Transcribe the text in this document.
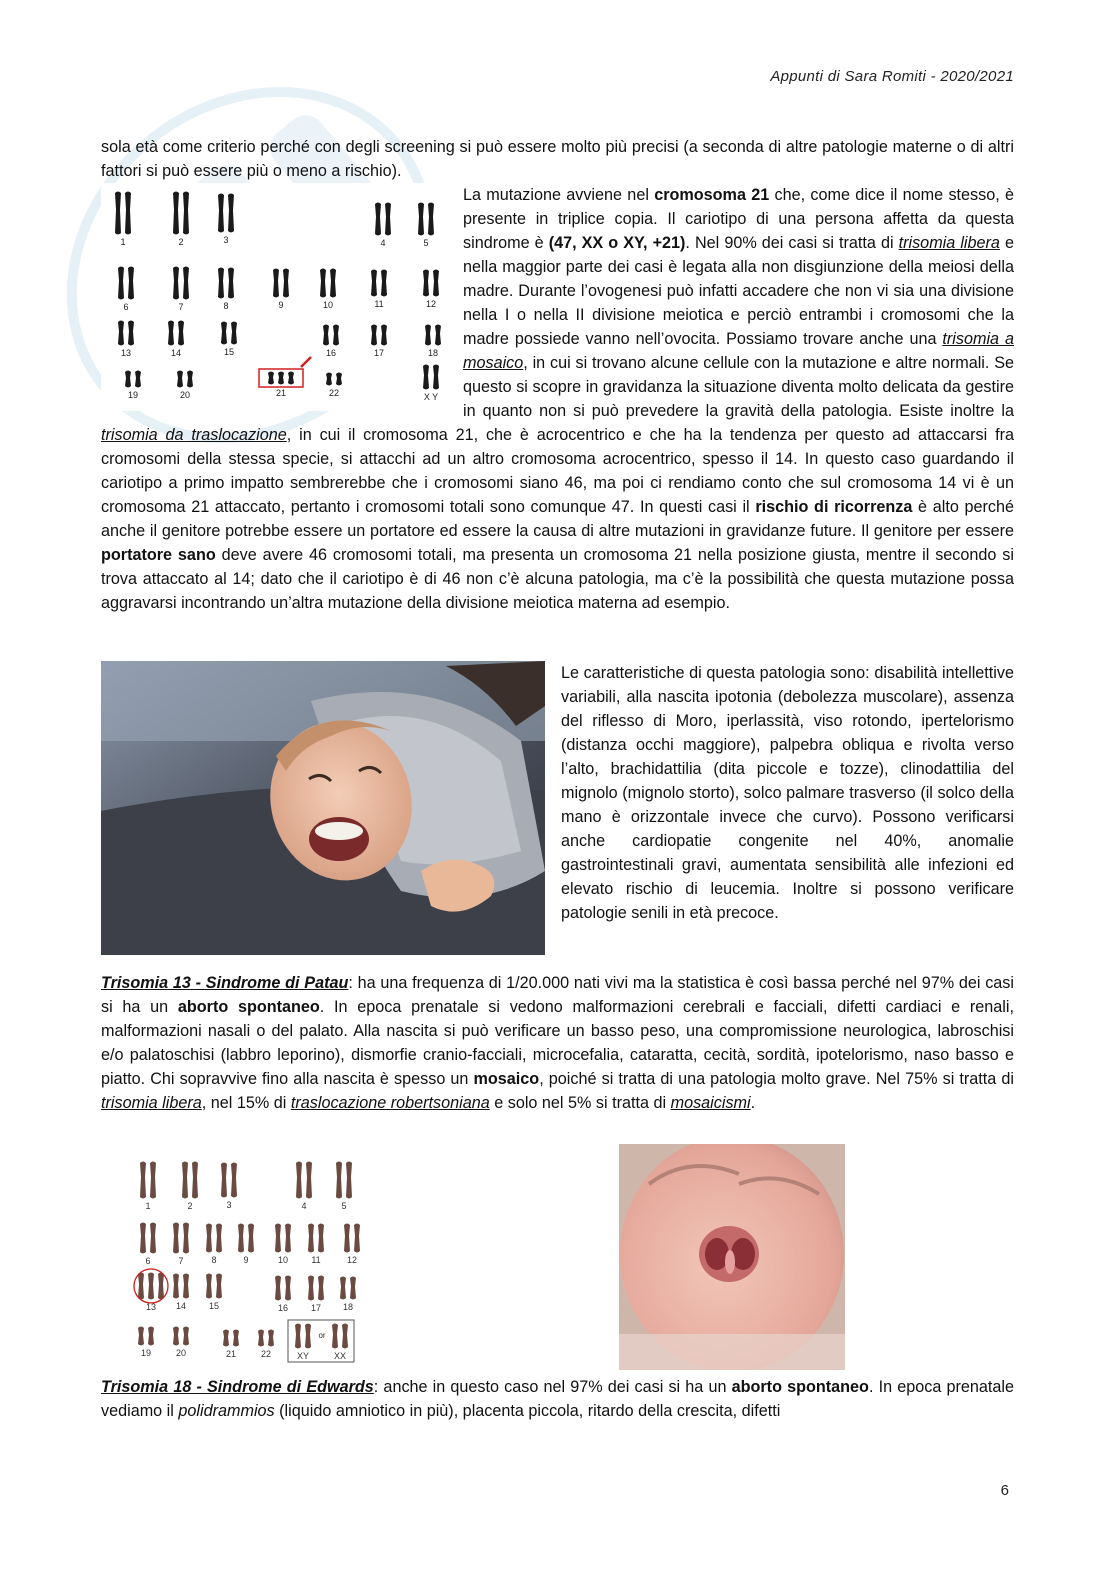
Appunti di Sara Romiti - 2020/2021

sola età come criterio perché con degli screening si può essere molto più precisi (a seconda di altre patologie materne o di altri fattori si può essere più o meno a rischio).

1	2	3	4	5
6	7	8	9	10	11	12
13	14	15	16	17	18
19	20	21	22	X Y

La mutazione avviene nel cromosoma 21 che, come dice il nome stesso, è presente in triplice copia. Il cariotipo di una persona affetta da questa sindrome è (47, XX o XY, +21). Nel 90% dei casi si tratta di trisomia libera e nella maggior parte dei casi è legata alla non disgiunzione della meiosi della madre. Durante l’ovogenesi può infatti accadere che non vi sia una divisione nella I o nella II divisione meiotica e perciò entrambi i cromosomi che la madre possiede vanno nell’ovocita. Possiamo trovare anche una trisomia a mosaico, in cui si trovano alcune cellule con la mutazione e altre normali. Se questo si scopre in gravidanza la situazione diventa molto delicata da gestire in quanto non si può prevedere la gravità della patologia. Esiste inoltre la trisomia da traslocazione, in cui il cromosoma 21, che è acrocentrico e che ha la tendenza per questo ad attaccarsi fra cromosomi della stessa specie, si attacchi ad un altro cromosoma acrocentrico, spesso il 14. In questo caso guardando il cariotipo a primo impatto sembrerebbe che i cromosomi siano 46, ma poi ci rendiamo conto che sul cromosoma 14 vi è un cromosoma 21 attaccato, pertanto i cromosomi totali sono comunque 47. In questi casi il rischio di ricorrenza è alto perché anche il genitore potrebbe essere un portatore ed essere la causa di altre mutazioni in gravidanze future. Il genitore per essere portatore sano deve avere 46 cromosomi totali, ma presenta un cromosoma 21 nella posizione giusta, mentre il secondo si trova attaccato al 14; dato che il cariotipo è di 46 non c’è alcuna patologia, ma c’è la possibilità che questa mutazione possa aggravarsi incontrando un’altra mutazione della divisione meiotica materna ad esempio.

Le caratteristiche di questa patologia sono: disabilità intellettive variabili, alla nascita ipotonia (debolezza muscolare), assenza del riflesso di Moro, iperlassità, viso rotondo, ipertelorismo (distanza occhi maggiore), palpebra obliqua e rivolta verso l’alto, brachidattilia (dita piccole e tozze), clinodattilia del mignolo (mignolo storto), solco palmare trasverso (il solco della mano è orizzontale invece che curvo). Possono verificarsi anche cardiopatie congenite nel 40%, anomalie gastrointestinali gravi, aumentata sensibilità alle infezioni ed elevato rischio di leucemia. Inoltre si possono verificare patologie senili in età precoce.

Trisomia 13 - Sindrome di Patau: ha una frequenza di 1/20.000 nati vivi ma la statistica è così bassa perché nel 97% dei casi si ha un aborto spontaneo. In epoca prenatale si vedono malformazioni cerebrali e facciali, difetti cardiaci e renali, malformazioni nasali o del palato. Alla nascita si può verificare un basso peso, una compromissione neurologica, labroschisi e/o palatoschisi (labbro leporino), dismorfie cranio-facciali, microcefalia, cataratta, cecità, sordità, ipotelorismo, naso basso e piatto. Chi sopravvive fino alla nascita è spesso un mosaico, poiché si tratta di una patologia molto grave. Nel 75% si tratta di trisomia libera, nel 15% di traslocazione robertsoniana e solo nel 5% si tratta di mosaicismi.

1	2	3	4	5
6	7	8	9	10	11	12
13 14	15	16	17 18
19	20	21	22	XY	XX
or

Trisomia 18 - Sindrome di Edwards: anche in questo caso nel 97% dei casi si ha un aborto spontaneo. In epoca prenatale vediamo il polidrammios (liquido amniotico in più), placenta piccola, ritardo della crescita, difetti

6
